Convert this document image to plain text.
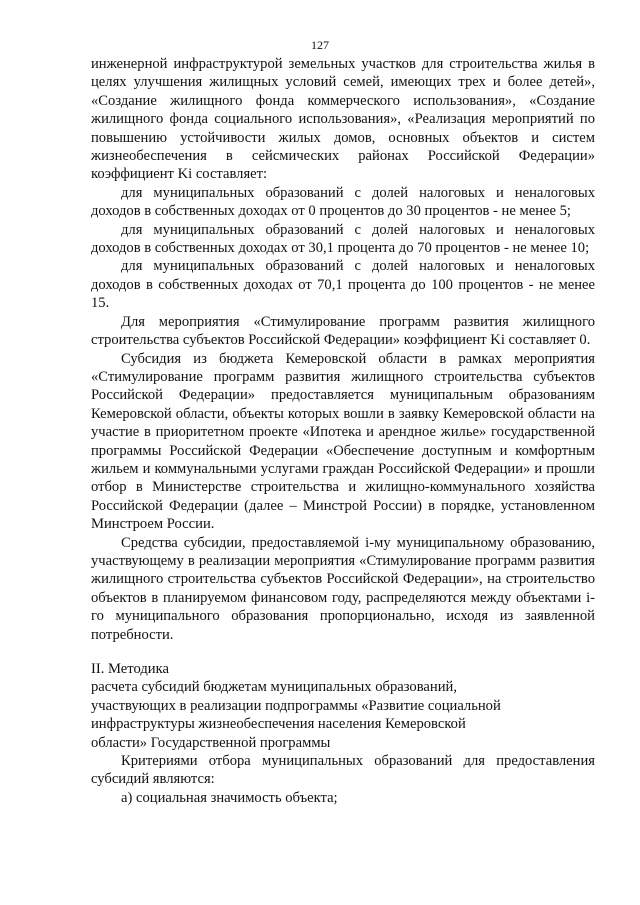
127

инженерной инфраструктурой земельных участков для строительства жилья в целях улучшения жилищных условий семей, имеющих трех и более детей», «Создание жилищного фонда коммерческого использования», «Создание жилищного фонда социального использования», «Реализация мероприятий по повышению устойчивости жилых домов, основных объектов и систем жизнеобеспечения в сейсмических районах Российской Федерации» коэффициент Ki составляет:

для муниципальных образований с долей налоговых и неналоговых доходов в собственных доходах от 0 процентов до 30 процентов - не менее 5;

для муниципальных образований с долей налоговых и неналоговых доходов в собственных доходах от 30,1 процента до 70 процентов - не менее 10;

для муниципальных образований с долей налоговых и неналоговых доходов в собственных доходах от 70,1 процента до 100 процентов - не менее 15.

Для мероприятия «Стимулирование программ развития жилищного строительства субъектов Российской Федерации» коэффициент Ki составляет 0.

Субсидия из бюджета Кемеровской области в рамках мероприятия «Стимулирование программ развития жилищного строительства субъектов Российской Федерации» предоставляется муниципальным образованиям Кемеровской области, объекты которых вошли в заявку Кемеровской области на участие в приоритетном проекте «Ипотека и арендное жилье» государственной программы Российской Федерации «Обеспечение доступным и комфортным жильем и коммунальными услугами граждан Российской Федерации» и прошли отбор в Министерстве строительства и жилищно-коммунального хозяйства Российской Федерации (далее – Минстрой России) в порядке, установленном Минстроем России.

Средства субсидии, предоставляемой i-му муниципальному образованию, участвующему в реализации мероприятия «Стимулирование программ развития жилищного строительства субъектов Российской Федерации», на строительство объектов в планируемом финансовом году, распределяются между объектами i-го муниципального образования пропорционально, исходя из заявленной потребности.

II. Методика

расчета субсидий бюджетам муниципальных образований,

участвующих в реализации подпрограммы «Развитие социальной

инфраструктуры жизнеобеспечения населения Кемеровской

области» Государственной программы

Критериями отбора муниципальных образований для предоставления субсидий являются:

а) социальная значимость объекта;
